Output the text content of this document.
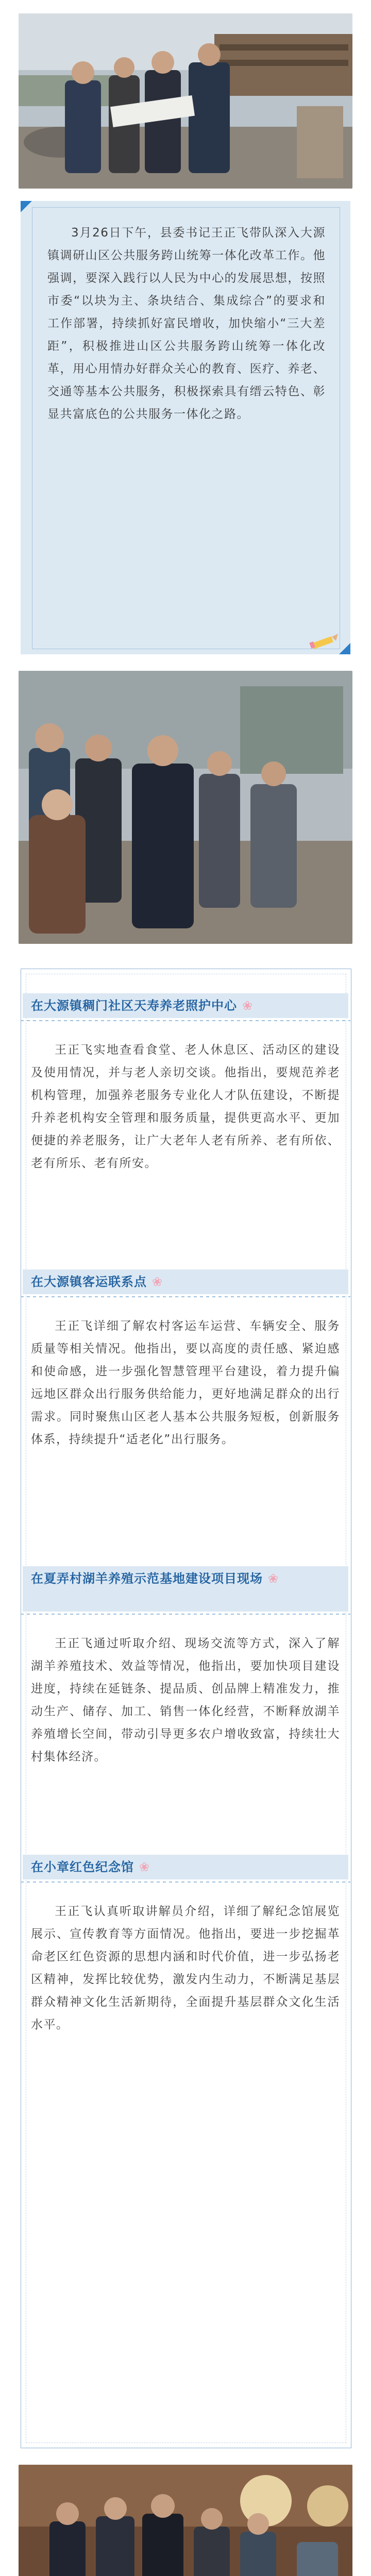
3月26日下午，县委书记王正飞带队深入大源镇调研山区公共服务跨山统筹一体化改革工作。他强调，要深入践行以人民为中心的发展思想，按照市委“以块为主、条块结合、集成综合”的要求和工作部署，持续抓好富民增收，加快缩小“三大差距”，积极推进山区公共服务跨山统筹一体化改革，用心用情办好群众关心的教育、医疗、养老、交通等基本公共服务，积极探索具有缙云特色、彰显共富底色的公共服务一体化之路。

在大源镇稠门社区天寿养老照护中心 ❀

王正飞实地查看食堂、老人休息区、活动区的建设及使用情况，并与老人亲切交谈。他指出，要规范养老机构管理，加强养老服务专业化人才队伍建设，不断提升养老机构安全管理和服务质量，提供更高水平、更加便捷的养老服务，让广大老年人老有所养、老有所依、老有所乐、老有所安。

在大源镇客运联系点 ❀

王正飞详细了解农村客运车运营、车辆安全、服务质量等相关情况。他指出，要以高度的责任感、紧迫感和使命感，进一步强化智慧管理平台建设，着力提升偏远地区群众出行服务供给能力，更好地满足群众的出行需求。同时聚焦山区老人基本公共服务短板，创新服务体系，持续提升“适老化”出行服务。

在夏弄村湖羊养殖示范基地建设项目现场 ❀

王正飞通过听取介绍、现场交流等方式，深入了解湖羊养殖技术、效益等情况，他指出，要加快项目建设进度，持续在延链条、提品质、创品牌上精准发力，推动生产、储存、加工、销售一体化经营，不断释放湖羊养殖增长空间，带动引导更多农户增收致富，持续壮大村集体经济。

在小章红色纪念馆 ❀

王正飞认真听取讲解员介绍，详细了解纪念馆展览展示、宣传教育等方面情况。他指出，要进一步挖掘革命老区红色资源的思想内涵和时代价值，进一步弘扬老区精神，发挥比较优势，激发内生动力，不断满足基层群众精神文化生活新期待，全面提升基层群众文化生活水平。
